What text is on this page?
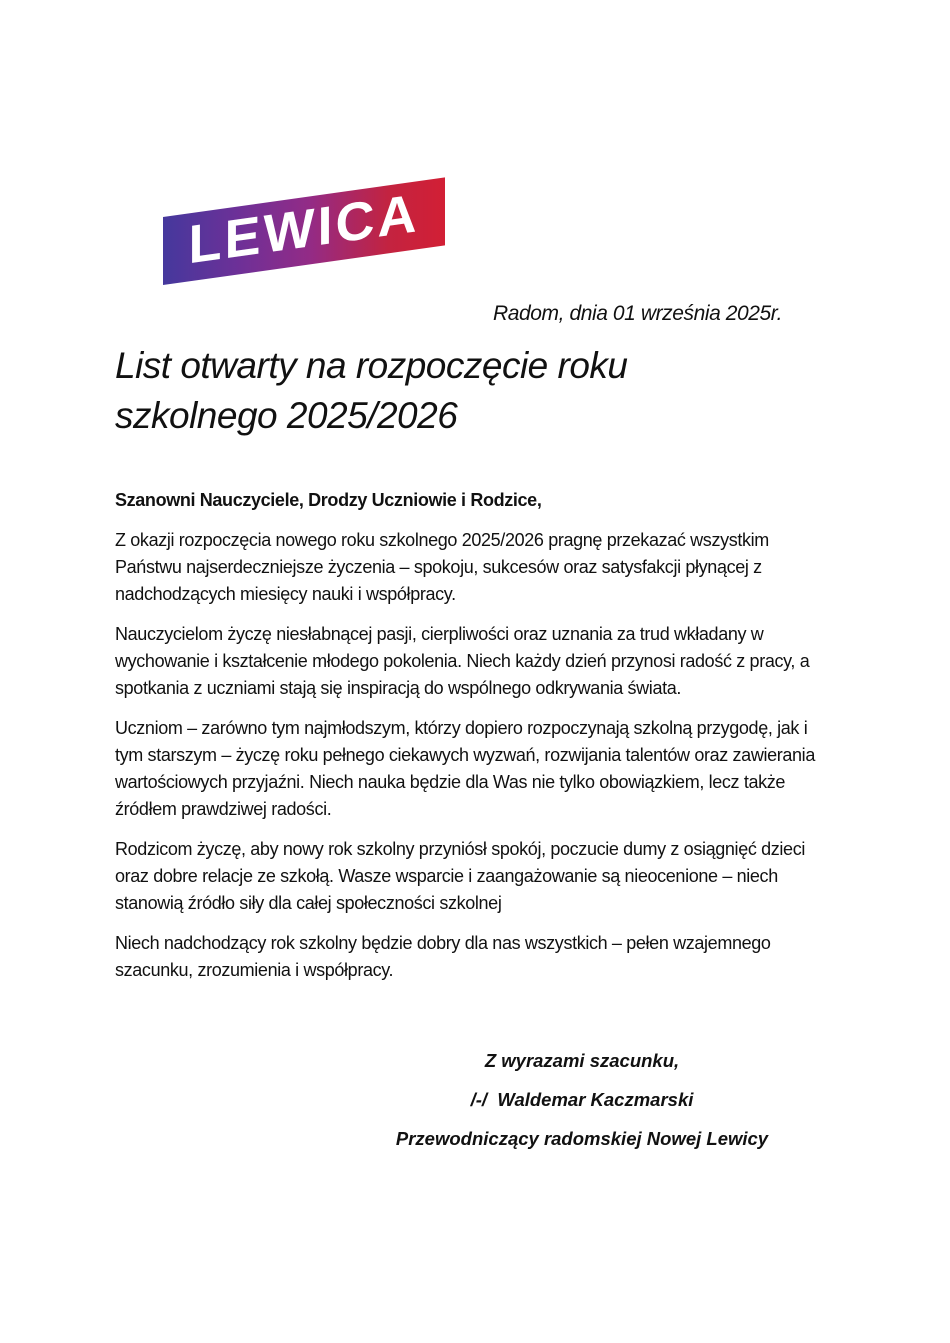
LEWICA
Radom, dnia 01 września 2025r.
List otwarty na rozpoczęcie roku
szkolnego 2025/2026
Szanowni Nauczyciele, Drodzy Uczniowie i Rodzice,

Z okazji rozpoczęcia nowego roku szkolnego 2025/2026 pragnę przekazać wszystkim Państwu najserdeczniejsze życzenia – spokoju, sukcesów oraz satysfakcji płynącej z nadchodzących miesięcy nauki i współpracy.

Nauczycielom życzę niesłabnącej pasji, cierpliwości oraz uznania za trud wkładany w wychowanie i kształcenie młodego pokolenia. Niech każdy dzień przynosi radość z pracy, a spotkania z uczniami stają się inspiracją do wspólnego odkrywania świata.

Uczniom – zarówno tym najmłodszym, którzy dopiero rozpoczynają szkolną przygodę, jak i tym starszym – życzę roku pełnego ciekawych wyzwań, rozwijania talentów oraz zawierania wartościowych przyjaźni. Niech nauka będzie dla Was nie tylko obowiązkiem, lecz także źródłem prawdziwej radości.

Rodzicom życzę, aby nowy rok szkolny przyniósł spokój, poczucie dumy z osiągnięć dzieci oraz dobre relacje ze szkołą. Wasze wsparcie i zaangażowanie są nieocenione – niech stanowią źródło siły dla całej społeczności szkolnej

Niech nadchodzący rok szkolny będzie dobry dla nas wszystkich – pełen wzajemnego szacunku, zrozumienia i współpracy.

Z wyrazami szacunku,
/-/  Waldemar Kaczmarski
Przewodniczący radomskiej Nowej Lewicy
